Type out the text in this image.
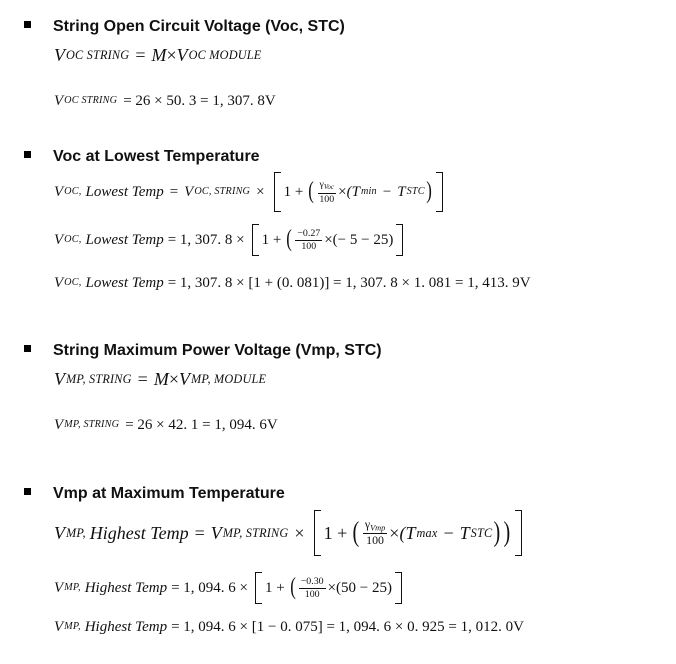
String Open Circuit Voltage (Voc, STC)
V OC STRING = M × V OC MODULE
V OC STRING = 26 × 50. 3 = 1, 307. 8V
Voc at Lowest Temperature
V OC, Lowest Temp = V OC, STRING × 1 + ( $\frac{\gamma_{Voc}}{100} \times (T$ min − T STC )
V OC, Lowest Temp = 1, 307. 8 × 1 + ( $\frac{-0.27}{100}$ ×(− 5 − 25)
V OC, Lowest Temp = 1, 307. 8 × [1 + (0. 081)] = 1, 307. 8 × 1. 081 = 1, 413. 9V
String Maximum Power Voltage (Vmp, STC)
V MP, STRING = M × V MP, MODULE
V MP, STRING = 26 × 42. 1 = 1, 094. 6V
Vmp at Maximum Temperature
V MP, Highest Temp = V MP, STRING × 1 + ( $\frac{\gamma_{Vmp}}{100} \times (T$ max − T STC ) )
V MP, Highest Temp = 1, 094. 6 × 1 + ( $\frac{-0.30}{100} \times(50 - 25)$
V MP, Highest Temp = 1, 094. 6 × [1 − 0. 075] = 1, 094. 6 × 0. 925 = 1, 012. 0V
